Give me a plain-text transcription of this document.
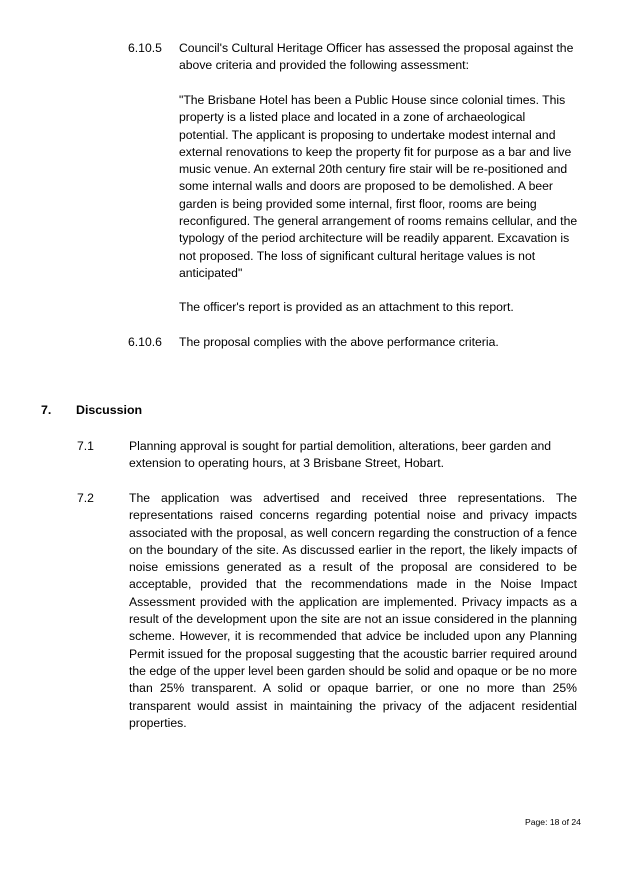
6.10.5 Council's Cultural Heritage Officer has assessed the proposal against the

above criteria and provided the following assessment:

"The Brisbane Hotel has been a Public House since colonial times. This

property is a listed place and located in a zone of archaeological

potential. The applicant is proposing to undertake modest internal and

external renovations to keep the property fit for purpose as a bar and live

music venue. An external 20th century fire stair will be re-positioned and

some internal walls and doors are proposed to be demolished. A beer

garden is being provided some internal, first floor, rooms are being

reconfigured. The general arrangement of rooms remains cellular, and the

typology of the period architecture will be readily apparent. Excavation is

not proposed. The loss of significant cultural heritage values is not

anticipated"

The officer's report is provided as an attachment to this report.

6.10.6 The proposal complies with the above performance criteria.

7. Discussion
7.1	Planning approval is sought for partial demolition, alterations, beer garden and

extension to operating hours, at 3 Brisbane Street, Hobart.

7.2	The application was advertised and received three representations. The

representations raised concerns regarding potential noise and privacy impacts

associated with the proposal, as well concern regarding the construction of a fence

on the boundary of the site. As discussed earlier in the report, the likely impacts of

noise emissions generated as a result of the proposal are considered to be

acceptable, provided that the recommendations made in the Noise Impact

Assessment provided with the application are implemented. Privacy impacts as a

result of the development upon the site are not an issue considered in the planning

scheme. However, it is recommended that advice be included upon any Planning

Permit issued for the proposal suggesting that the acoustic barrier required around

the edge of the upper level been garden should be solid and opaque or be no more

than 25% transparent. A solid or opaque barrier, or one no more than 25%

transparent would assist in maintaining the privacy of the adjacent residential

properties.

Page: 18 of 24
